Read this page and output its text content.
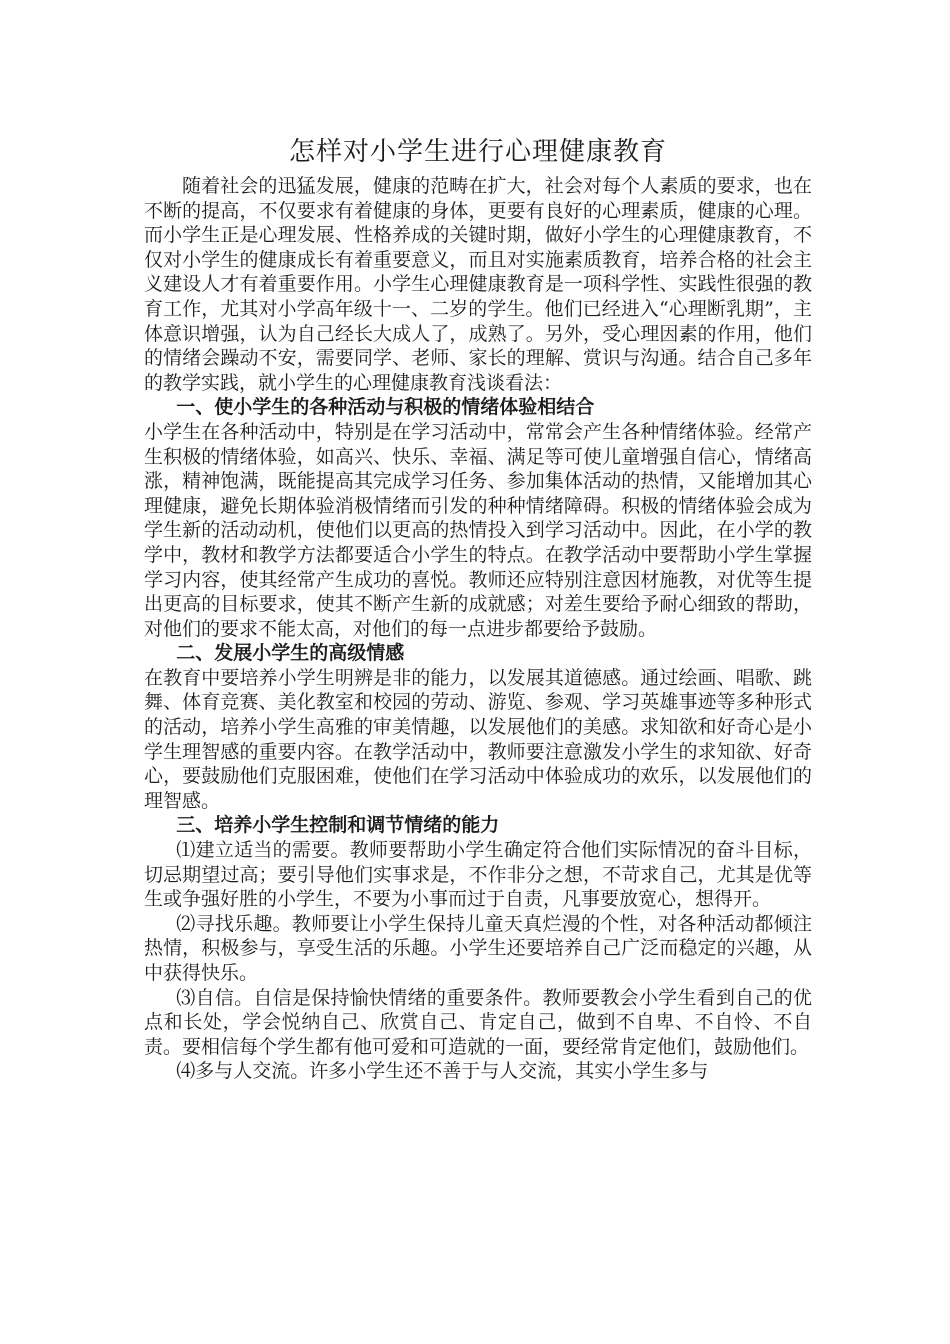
怎样对小学生进行心理健康教育

随着社会的迅猛发展，健康的范畴在扩大，社会对每个人素质的要求，也在不断的提高，不仅要求有着健康的身体，更要有良好的心理素质，健康的心理。而小学生正是心理发展、性格养成的关键时期，做好小学生的心理健康教育，不仅对小学生的健康成长有着重要意义，而且对实施素质教育，培养合格的社会主义建设人才有着重要作用。小学生心理健康教育是一项科学性、实践性很强的教育工作，尤其对小学高年级十一、二岁的学生。他们已经进入“心理断乳期”，主体意识增强，认为自己经长大成人了，成熟了。另外，受心理因素的作用，他们的情绪会躁动不安，需要同学、老师、家长的理解、赏识与沟通。结合自己多年的教学实践，就小学生的心理健康教育浅谈看法：

一、使小学生的各种活动与积极的情绪体验相结合

小学生在各种活动中，特别是在学习活动中，常常会产生各种情绪体验。经常产生积极的情绪体验，如高兴、快乐、幸福、满足等可使儿童增强自信心，情绪高涨，精神饱满，既能提高其完成学习任务、参加集体活动的热情，又能增加其心理健康，避免长期体验消极情绪而引发的种种情绪障碍。积极的情绪体验会成为学生新的活动动机，使他们以更高的热情投入到学习活动中。因此，在小学的教学中，教材和教学方法都要适合小学生的特点。在教学活动中要帮助小学生掌握学习内容，使其经常产生成功的喜悦。教师还应特别注意因材施教，对优等生提出更高的目标要求，使其不断产生新的成就感；对差生要给予耐心细致的帮助，对他们的要求不能太高，对他们的每一点进步都要给予鼓励。

二、发展小学生的高级情感

在教育中要培养小学生明辨是非的能力，以发展其道德感。通过绘画、唱歌、跳舞、体育竞赛、美化教室和校园的劳动、游览、参观、学习英雄事迹等多种形式的活动，培养小学生高雅的审美情趣，以发展他们的美感。求知欲和好奇心是小学生理智感的重要内容。在教学活动中，教师要注意激发小学生的求知欲、好奇心，要鼓励他们克服困难，使他们在学习活动中体验成功的欢乐，以发展他们的理智感。

三、培养小学生控制和调节情绪的能力

⑴建立适当的需要。教师要帮助小学生确定符合他们实际情况的奋斗目标，切忌期望过高；要引导他们实事求是，不作非分之想，不苛求自己，尤其是优等生或争强好胜的小学生，不要为小事而过于自责，凡事要放宽心，想得开。

⑵寻找乐趣。教师要让小学生保持儿童天真烂漫的个性，对各种活动都倾注热情，积极参与，享受生活的乐趣。小学生还要培养自己广泛而稳定的兴趣，从中获得快乐。

⑶自信。自信是保持愉快情绪的重要条件。教师要教会小学生看到自己的优点和长处，学会悦纳自己、欣赏自己、肯定自己，做到不自卑、不自怜、不自责。要相信每个学生都有他可爱和可造就的一面，要经常肯定他们，鼓励他们。

⑷多与人交流。许多小学生还不善于与人交流，其实小学生多与
